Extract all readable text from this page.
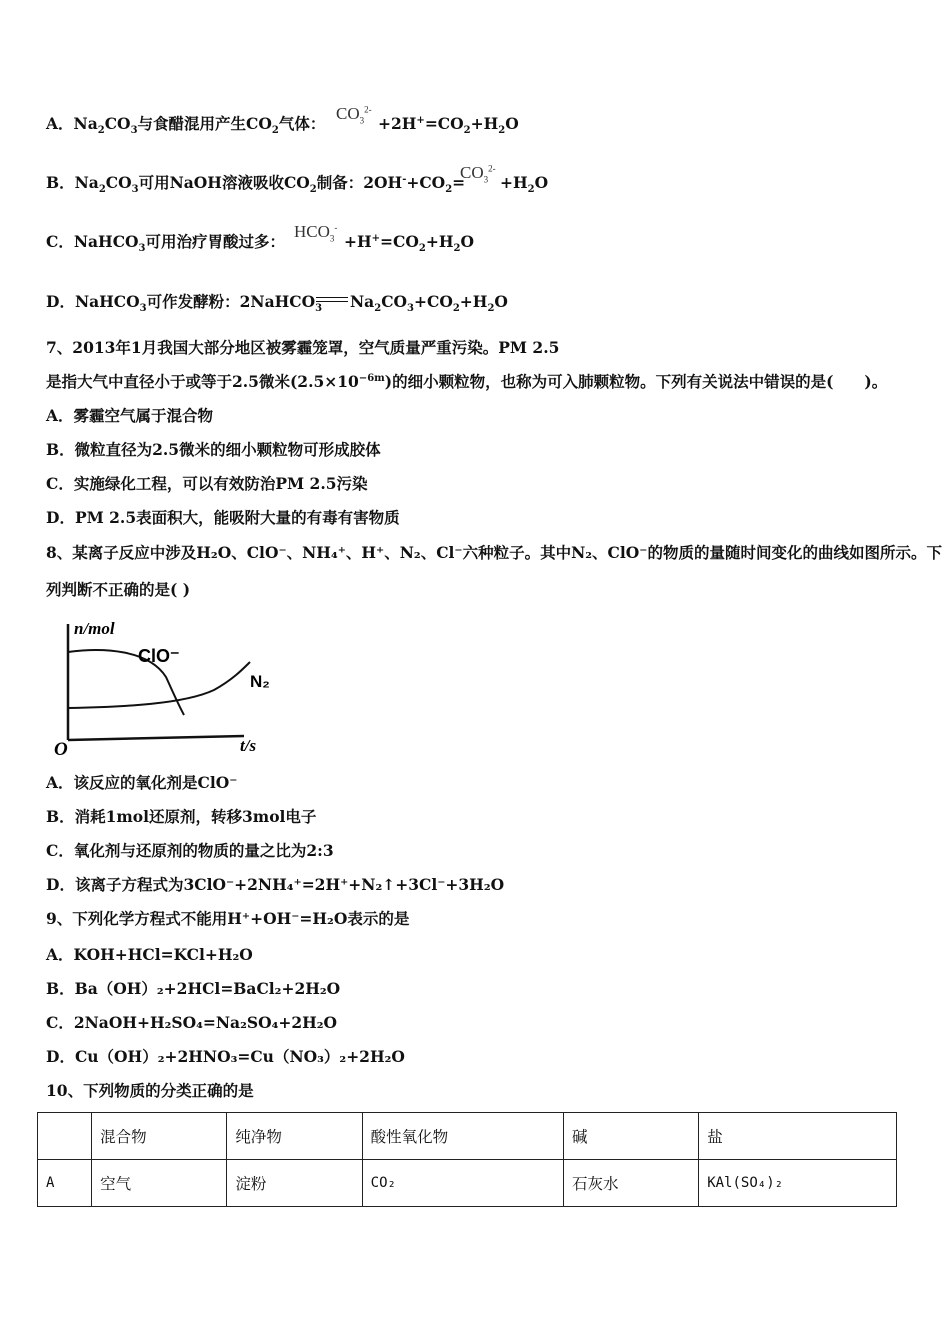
A．$Na_2CO_3$与食醋混用产生$CO_2$气体：
$CO_3^{2-}$
$+2H^+=CO_2+H_2O$
B．$Na_2CO_3$可用NaOH溶液吸收$CO_2$制备：$2OH^-+CO_2=$
$CO_3^{2-}$
$+H_2O$
C．NaHCO$_3$可用治疗胃酸过多：
$HCO_3^-$
$+H^+=CO_2+H_2O$
D．NaHCO$_3$可作发酵粉：2NaHCO$_3$ $Na_2CO_3+CO_2+H_2O$
7、2013年1月我国大部分地区被雾霾笼罩，空气质量严重污染。PM 2.5
是指大气中直径小于或等于2.5微米$(2.5\times 10^{-6m})$的细小颗粒物，也称为可入肺颗粒物。下列有关说法中错误的是(　　)。
A．雾霾空气属于混合物
B．微粒直径为2.5微米的细小颗粒物可形成胶体
C．实施绿化工程，可以有效防治PM 2.5污染
D．PM 2.5表面积大，能吸附大量的有毒有害物质
8、某离子反应中涉及H₂O、ClO⁻、NH₄⁺、H⁺、N₂、Cl⁻六种粒子。其中N₂、ClO⁻的物质的量随时间变化的曲线如图所示。下
列判断不正确的是( )
n/mol
ClO⁻
N₂
O	t/s
A．该反应的氧化剂是ClO⁻
B．消耗1mol还原剂，转移3mol电子
C．氧化剂与还原剂的物质的量之比为2:3
D．该离子方程式为3ClO⁻+2NH₄⁺=2H⁺+N₂↑+3Cl⁻+3H₂O
9、下列化学方程式不能用H⁺+OH⁻=H₂O表示的是
A．KOH+HCl=KCl+H₂O
B．Ba（OH）₂+2HCl=BaCl₂+2H₂O
C．2NaOH+H₂SO₄=Na₂SO₄+2H₂O
D．Cu（OH）₂+2HNO₃=Cu（NO₃）₂+2H₂O
10、下列物质的分类正确的是
	混合物	纯净物	酸性氧化物	碱	盐
A	空气	淀粉	CO₂	石灰水	KAl(SO₄)₂
